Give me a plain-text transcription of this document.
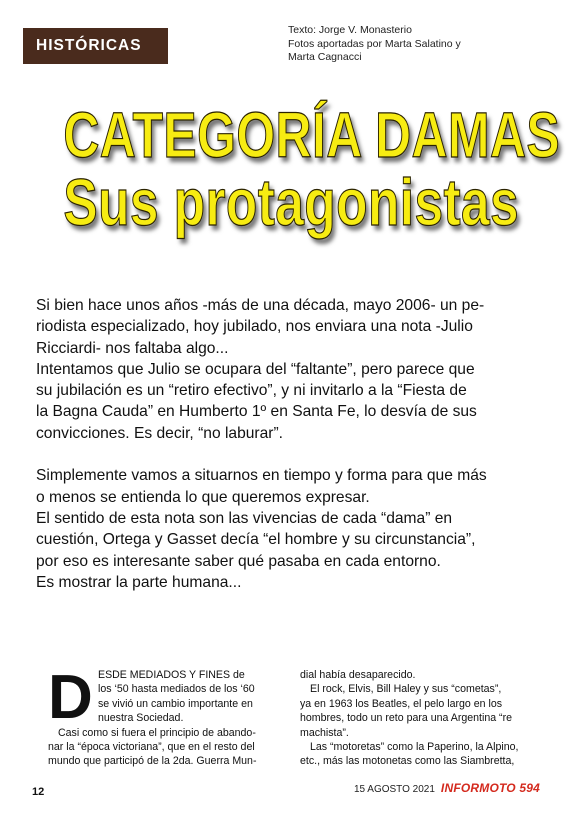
HISTÓRICAS
Texto: Jorge V. Monasterio
Fotos aportadas por Marta Salatino y
Marta Cagnacci
CATEGORÍA DAMAS
Sus protagonistas
Si bien hace unos años -más de una década, mayo 2006- un pe-
riodista especializado, hoy jubilado, nos enviara una nota -Julio
Ricciardi- nos faltaba algo...
Intentamos que Julio se ocupara del “faltante”, pero parece que
su jubilación es un “retiro efectivo”, y ni invitarlo a la “Fiesta de
la Bagna Cauda” en Humberto 1º en Santa Fe, lo desvía de sus
convicciones. Es decir, “no laburar”.
Simplemente vamos a situarnos en tiempo y forma para que más
o menos se entienda lo que queremos expresar.
El sentido de esta nota son las vivencias de cada “dama” en
cuestión, Ortega y Gasset decía “el hombre y su circunstancia”,
por eso es interesante saber qué pasaba en cada entorno.
Es mostrar la parte humana...
D ESDE MEDIADOS Y FINES de
los ‘50 hasta mediados de los ‘60
se vivió un cambio importante en
nuestra Sociedad.
Casi como si fuera el principio de abando-
nar la “época victoriana”, que en el resto del
mundo que participó de la 2da. Guerra Mun-
dial había desaparecido.
El rock, Elvis, Bill Haley y sus “cometas”,
ya en 1963 los Beatles, el pelo largo en los
hombres, todo un reto para una Argentina “re
machista”.
Las “motoretas” como la Paperino, la Alpino,
etc., más las motonetas como las Siambretta,
12	15 AGOSTO 2021 INFORMOTO 594
